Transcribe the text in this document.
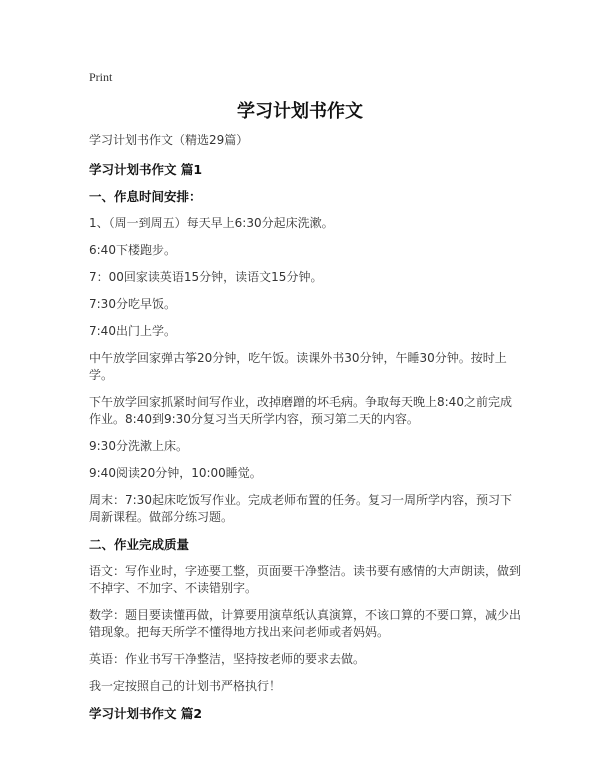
Print
学习计划书作文

学习计划书作文（精选29篇）

学习计划书作文 篇1

一、作息时间安排：

1、（周一到周五）每天早上6:30分起床洗漱。

6:40下楼跑步。

7：00回家读英语15分钟，读语文15分钟。

7:30分吃早饭。

7:40出门上学。

中午放学回家弹古筝20分钟，吃午饭。读课外书30分钟，午睡30分钟。按时上学。

下午放学回家抓紧时间写作业，改掉磨蹭的坏毛病。争取每天晚上8:40之前完成作业。8:40到9:30分复习当天所学内容，预习第二天的内容。

9:30分洗漱上床。

9:40阅读20分钟，10:00睡觉。

周末：7:30起床吃饭写作业。完成老师布置的任务。复习一周所学内容，预习下周新课程。做部分练习题。

二、作业完成质量

语文：写作业时，字迹要工整，页面要干净整洁。读书要有感情的大声朗读，做到不掉字、不加字、不读错别字。

数学：题目要读懂再做，计算要用演草纸认真演算，不该口算的不要口算，减少出错现象。把每天所学不懂得地方找出来问老师或者妈妈。

英语：作业书写干净整洁，坚持按老师的要求去做。

我一定按照自己的计划书严格执行！

学习计划书作文 篇2
